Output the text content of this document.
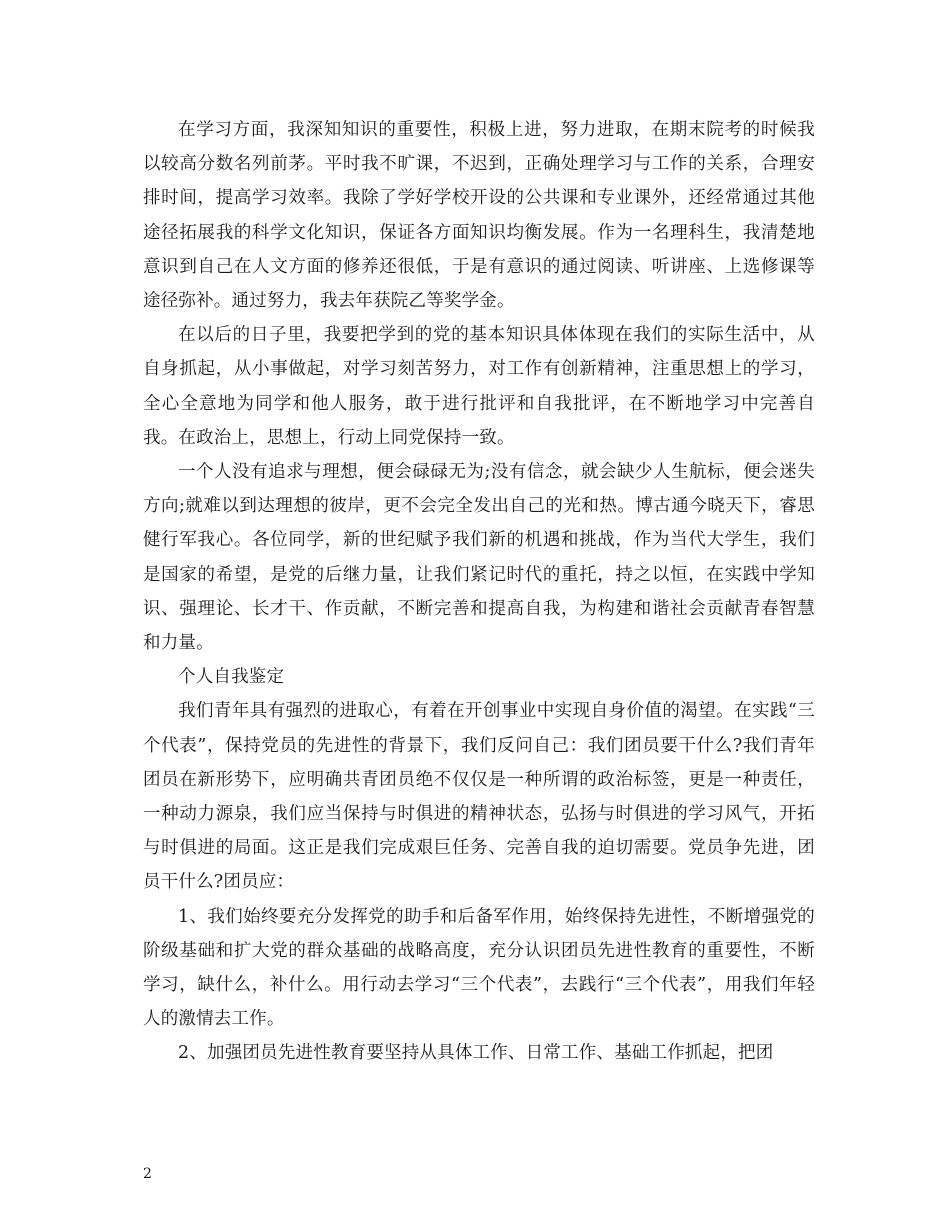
在学习方面，我深知知识的重要性，积极上进，努力进取，在期末院考的时候我以较高分数名列前茅。平时我不旷课，不迟到，正确处理学习与工作的关系，合理安排时间，提高学习效率。我除了学好学校开设的公共课和专业课外，还经常通过其他途径拓展我的科学文化知识，保证各方面知识均衡发展。作为一名理科生，我清楚地意识到自己在人文方面的修养还很低，于是有意识的通过阅读、听讲座、上选修课等途径弥补。通过努力，我去年获院乙等奖学金。

在以后的日子里，我要把学到的党的基本知识具体体现在我们的实际生活中，从自身抓起，从小事做起，对学习刻苦努力，对工作有创新精神，注重思想上的学习，全心全意地为同学和他人服务，敢于进行批评和自我批评，在不断地学习中完善自我。在政治上，思想上，行动上同党保持一致。

一个人没有追求与理想，便会碌碌无为;没有信念，就会缺少人生航标，便会迷失方向;就难以到达理想的彼岸，更不会完全发出自己的光和热。博古通今晓天下，睿思健行军我心。各位同学，新的世纪赋予我们新的机遇和挑战，作为当代大学生，我们是国家的希望，是党的后继力量，让我们紧记时代的重托，持之以恒，在实践中学知识、强理论、长才干、作贡献，不断完善和提高自我，为构建和谐社会贡献青春智慧和力量。

个人自我鉴定

我们青年具有强烈的进取心，有着在开创事业中实现自身价值的渴望。在实践“三个代表”，保持党员的先进性的背景下，我们反问自己：我们团员要干什么?我们青年团员在新形势下，应明确共青团员绝不仅仅是一种所谓的政治标签，更是一种责任，一种动力源泉，我们应当保持与时俱进的精神状态，弘扬与时俱进的学习风气，开拓与时俱进的局面。这正是我们完成艰巨任务、完善自我的迫切需要。党员争先进，团员干什么?团员应：

1、我们始终要充分发挥党的助手和后备军作用，始终保持先进性，不断增强党的阶级基础和扩大党的群众基础的战略高度，充分认识团员先进性教育的重要性，不断学习，缺什么，补什么。用行动去学习“三个代表”，去践行“三个代表”，用我们年轻人的激情去工作。

2、加强团员先进性教育要坚持从具体工作、日常工作、基础工作抓起，把团

2
